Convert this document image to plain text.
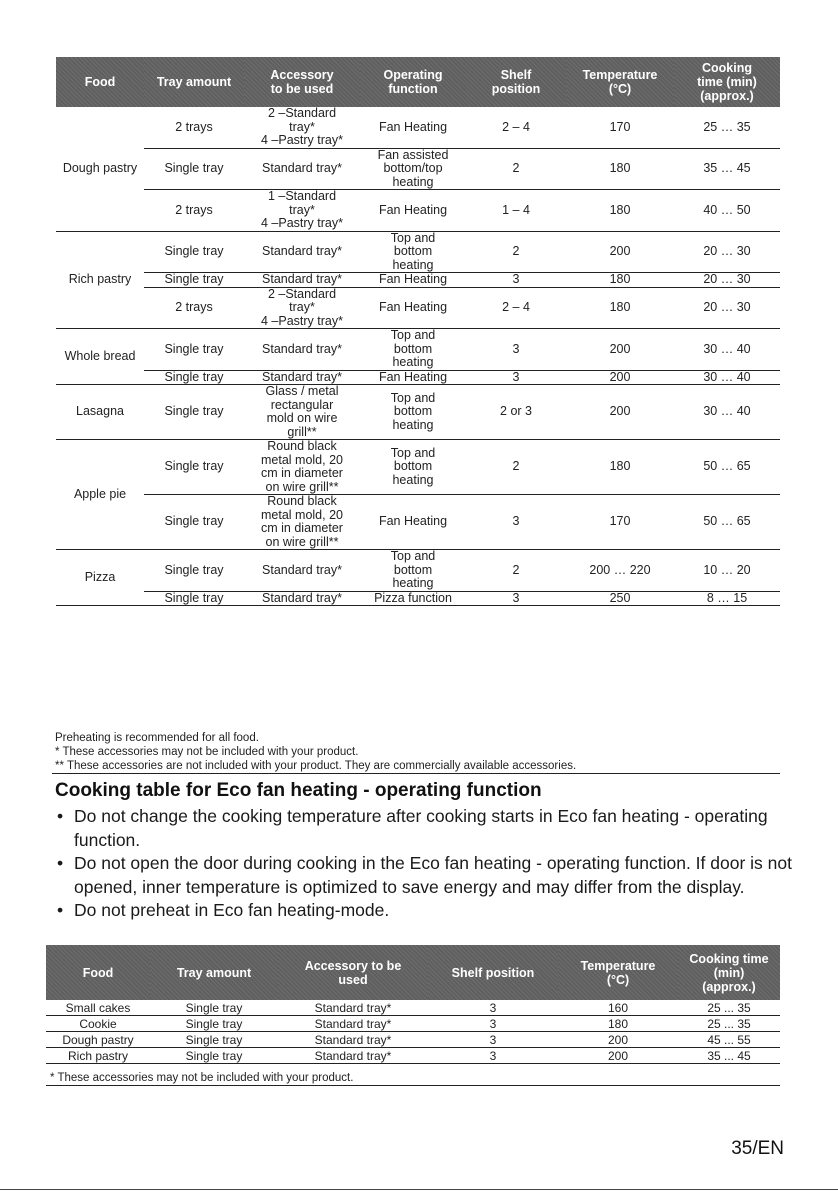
Food	Tray amount	Accessory
to be used	Operating
function	Shelf
position	Temperature
(°C)	Cooking
time (min)
(approx.)
Dough pastry	2 trays	2 –Standard
tray*
4 –Pastry tray*	Fan Heating	2 – 4	170	25 … 35
	Single tray	Standard tray*	Fan assisted
bottom/top
heating	2	180	35 … 45
	2 trays	1 –Standard
tray*
4 –Pastry tray*	Fan Heating	1 – 4	180	40 … 50
Rich pastry	Single tray	Standard tray*	Top and
bottom
heating	2	200	20 … 30
	Single tray	Standard tray*	Fan Heating	3	180	20 … 30
	2 trays	2 –Standard
tray*
4 –Pastry tray*	Fan Heating	2 – 4	180	20 … 30
Whole bread	Single tray	Standard tray*	Top and
bottom
heating	3	200	30 … 40
	Single tray	Standard tray*	Fan Heating	3	200	30 … 40
Lasagna	Single tray	Glass / metal
rectangular
mold on wire
grill**	Top and
bottom
heating	2 or 3	200	30 … 40
Apple pie	Single tray	Round black
metal mold, 20
cm in diameter
on wire grill**	Top and
bottom
heating	2	180	50 … 65
	Single tray	Round black
metal mold, 20
cm in diameter
on wire grill**	Fan Heating	3	170	50 … 65
Pizza	Single tray	Standard tray*	Top and
bottom
heating	2	200 … 220	10 … 20
	Single tray	Standard tray*	Pizza function	3	250	8 … 15
Preheating is recommended for all food.
* These accessories may not be included with your product.
** These accessories are not included with your product. They are commercially available accessories.
Cooking table for Eco fan heating - operating function
• Do not change the cooking temperature after cooking starts in Eco fan heating - operating function.
• Do not open the door during cooking in the Eco fan heating - operating function. If door is not opened, inner temperature is optimized to save energy and may differ from the display.
• Do not preheat in Eco fan heating-mode.
Food	Tray amount	Accessory to be
used	Shelf position	Temperature
(°C)	Cooking time
(min)
(approx.)
Small cakes	Single tray	Standard tray*	3	160	25 ... 35
Cookie	Single tray	Standard tray*	3	180	25 ... 35
Dough pastry	Single tray	Standard tray*	3	200	45 ... 55
Rich pastry	Single tray	Standard tray*	3	200	35 ... 45
* These accessories may not be included with your product.
35/EN
